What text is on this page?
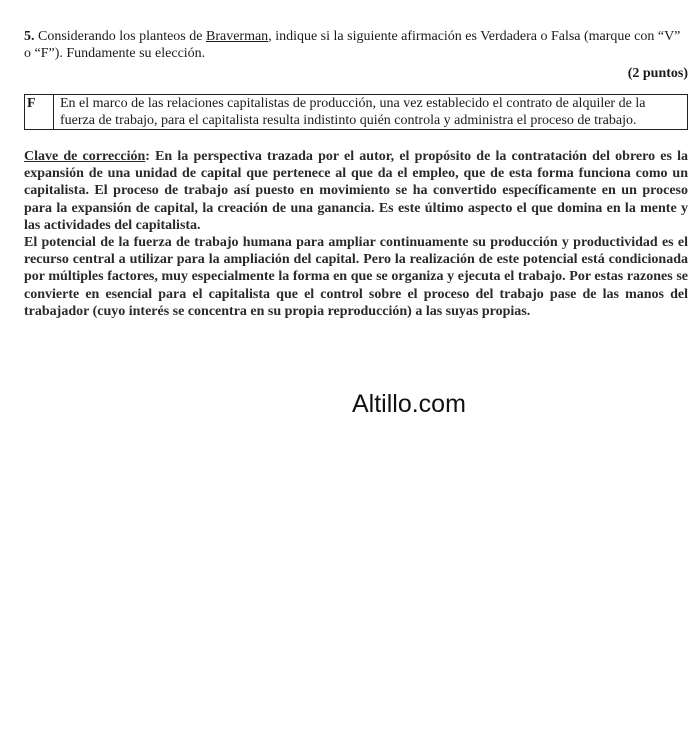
5. Considerando los planteos de Braverman, indique si la siguiente afirmación es Verdadera o Falsa (marque con “V” o “F”). Fundamente su elección.

(2 puntos)
F	En el marco de las relaciones capitalistas de producción, una vez establecido el contrato de alquiler de la fuerza de trabajo, para el capitalista resulta indistinto quién controla y administra el proceso de trabajo.

Clave de corrección: En la perspectiva trazada por el autor, el propósito de la contratación del obrero es la expansión de una unidad de capital que pertenece al que da el empleo, que de esta forma funciona como un capitalista. El proceso de trabajo así puesto en movimiento se ha convertido específicamente en un proceso para la expansión de capital, la creación de una ganancia. Es este último aspecto el que domina en la mente y las actividades del capitalista.

El potencial de la fuerza de trabajo humana para ampliar continuamente su producción y productividad es el recurso central a utilizar para la ampliación del capital. Pero la realización de este potencial está condicionada por múltiples factores, muy especialmente la forma en que se organiza y ejecuta el trabajo. Por estas razones se convierte en esencial para el capitalista que el control sobre el proceso del trabajo pase de las manos del trabajador (cuyo interés se concentra en su propia reproducción) a las suyas propias.

Altillo.com
